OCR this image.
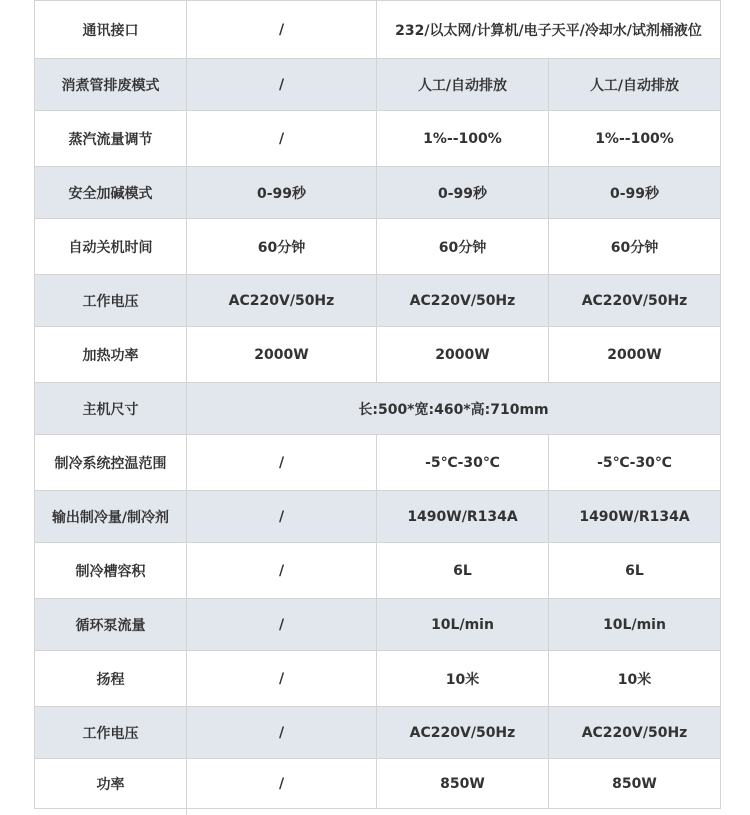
通讯接口	/	232/以太网/计算机/电子天平/冷却水/试剂桶液位	
消煮管排废模式	/	人工/自动排放	人工/自动排放
蒸汽流量调节	/	1%--100%	1%--100%
安全加碱模式	0-99秒	0-99秒	0-99秒
自动关机时间	60分钟	60分钟	60分钟
工作电压	AC220V/50Hz	AC220V/50Hz	AC220V/50Hz
加热功率	2000W	2000W	2000W
主机尺寸	长:500*宽:460*高:710mm		
制冷系统控温范围	/	-5℃-30℃	-5℃-30℃
输出制冷量/制冷剂	/	1490W/R134A	1490W/R134A
制冷槽容积	/	6L	6L
循环泵流量	/	10L/min	10L/min
扬程	/	10米	10米
工作电压	/	AC220V/50Hz	AC220V/50Hz
功率	/	850W	850W
